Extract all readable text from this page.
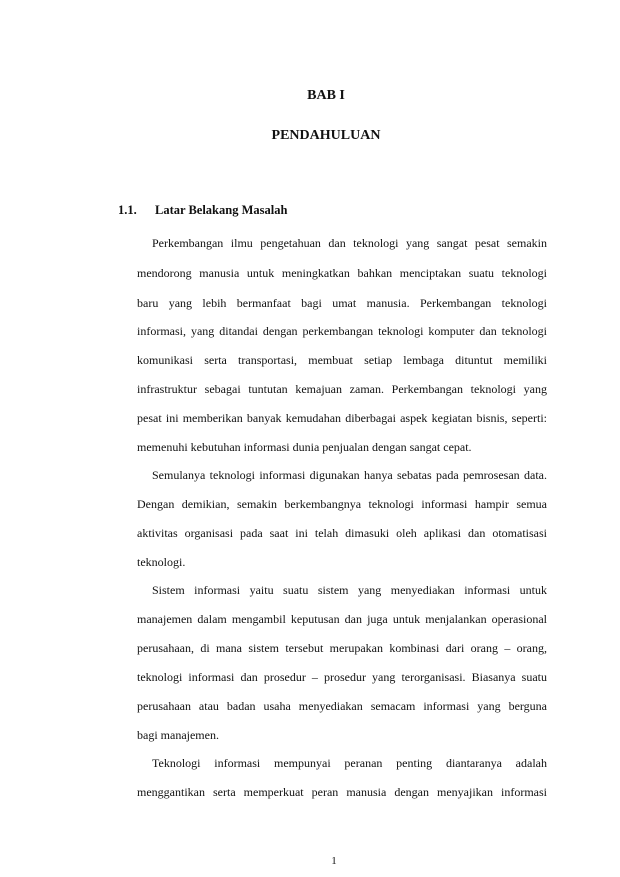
BAB I
PENDAHULUAN
1.1. Latar Belakang Masalah
Perkembangan ilmu pengetahuan dan teknologi yang sangat pesat semakin
mendorong manusia untuk meningkatkan bahkan menciptakan suatu teknologi
baru yang lebih bermanfaat bagi umat manusia. Perkembangan teknologi
informasi, yang ditandai dengan perkembangan teknologi komputer dan teknologi
komunikasi serta transportasi, membuat setiap lembaga dituntut memiliki
infrastruktur sebagai tuntutan kemajuan zaman. Perkembangan teknologi yang
pesat ini memberikan banyak kemudahan diberbagai aspek kegiatan bisnis, seperti:
memenuhi kebutuhan informasi dunia penjualan dengan sangat cepat.
Semulanya teknologi informasi digunakan hanya sebatas pada pemrosesan data.
Dengan demikian, semakin berkembangnya teknologi informasi hampir semua
aktivitas organisasi pada saat ini telah dimasuki oleh aplikasi dan otomatisasi
teknologi.
Sistem informasi yaitu suatu sistem yang menyediakan informasi untuk
manajemen dalam mengambil keputusan dan juga untuk menjalankan operasional
perusahaan, di mana sistem tersebut merupakan kombinasi dari orang – orang,
teknologi informasi dan prosedur – prosedur yang terorganisasi. Biasanya suatu
perusahaan atau badan usaha menyediakan semacam informasi yang berguna
bagi manajemen.
Teknologi informasi mempunyai peranan penting diantaranya adalah
menggantikan serta memperkuat peran manusia dengan menyajikan informasi
1
